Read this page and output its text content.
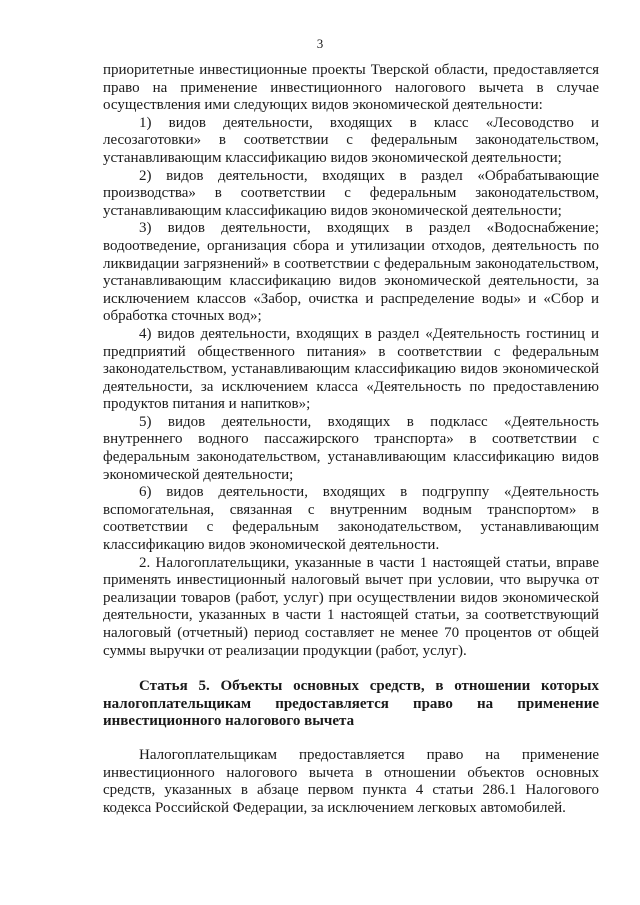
3

приоритетные инвестиционные проекты Тверской области, предоставляется право на применение инвестиционного налогового вычета в случае осуществления ими следующих видов экономической деятельности:

1) видов деятельности, входящих в класс «Лесоводство и лесозаготовки» в соответствии с федеральным законодательством, устанавливающим классификацию видов экономической деятельности;

2) видов деятельности, входящих в раздел «Обрабатывающие производства» в соответствии с федеральным законодательством, устанавливающим классификацию видов экономической деятельности;

3) видов деятельности, входящих в раздел «Водоснабжение; водоотведение, организация сбора и утилизации отходов, деятельность по ликвидации загрязнений» в соответствии с федеральным законодательством, устанавливающим классификацию видов экономической деятельности, за исключением классов «Забор, очистка и распределение воды» и «Сбор и обработка сточных вод»;

4) видов деятельности, входящих в раздел «Деятельность гостиниц и предприятий общественного питания» в соответствии с федеральным законодательством, устанавливающим классификацию видов экономической деятельности, за исключением класса «Деятельность по предоставлению продуктов питания и напитков»;

5) видов деятельности, входящих в подкласс «Деятельность внутреннего водного пассажирского транспорта» в соответствии с федеральным законодательством, устанавливающим классификацию видов экономической деятельности;

6) видов деятельности, входящих в подгруппу «Деятельность вспомогательная, связанная с внутренним водным транспортом» в соответствии с федеральным законодательством, устанавливающим классификацию видов экономической деятельности.

2. Налогоплательщики, указанные в части 1 настоящей статьи, вправе применять инвестиционный налоговый вычет при условии, что выручка от реализации товаров (работ, услуг) при осуществлении видов экономической деятельности, указанных в части 1 настоящей статьи, за соответствующий налоговый (отчетный) период составляет не менее 70 процентов от общей суммы выручки от реализации продукции (работ, услуг).

Статья 5. Объекты основных средств, в отношении которых налогоплательщикам предоставляется право на применение инвестиционного налогового вычета

Налогоплательщикам предоставляется право на применение инвестиционного налогового вычета в отношении объектов основных средств, указанных в абзаце первом пункта 4 статьи 286.1 Налогового кодекса Российской Федерации, за исключением легковых автомобилей.
